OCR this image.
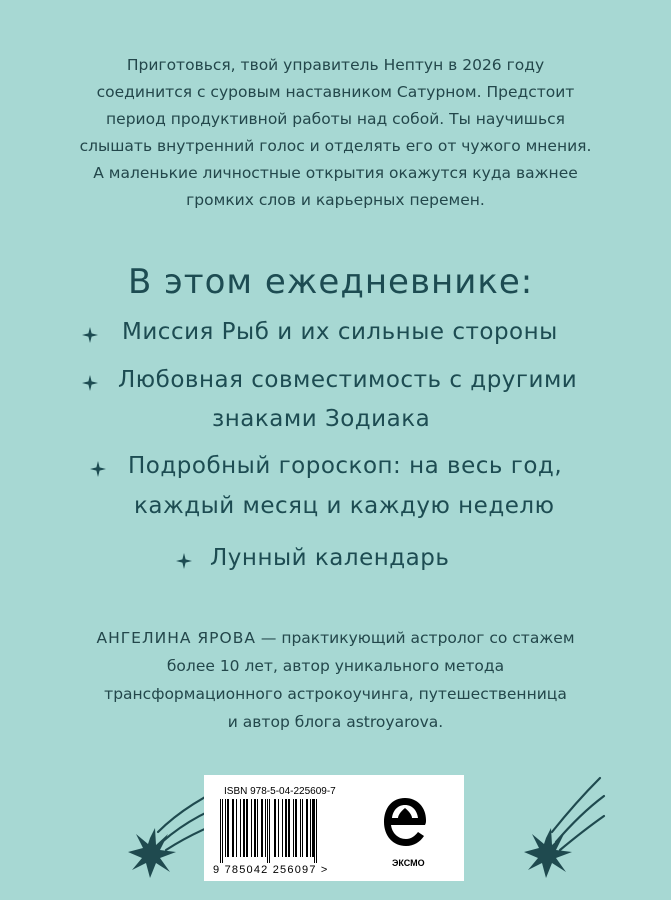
Приготовься, твой управитель Нептун в 2026 году
соединится с суровым наставником Сатурном. Предстоит
период продуктивной работы над собой. Ты научишься
слышать внутренний голос и отделять его от чужого мнения.
А маленькие личностные открытия окажутся куда важнее
громких слов и карьерных перемен.
В этом ежедневнике:
Миссия Рыб и их сильные стороны
Любовная совместимость с другими
знаками Зодиака
Подробный гороскоп: на весь год,
каждый месяц и каждую неделю
Лунный календарь
АНГЕЛИНА ЯРОВА — практикующий астролог со стажем
более 10 лет, автор уникального метода
трансформационного астрокоучинга, путешественница
и автор блога astroyarova.
ISBN 978-5-04-225609-7
9 785042 256097 >
ЭКСМО
